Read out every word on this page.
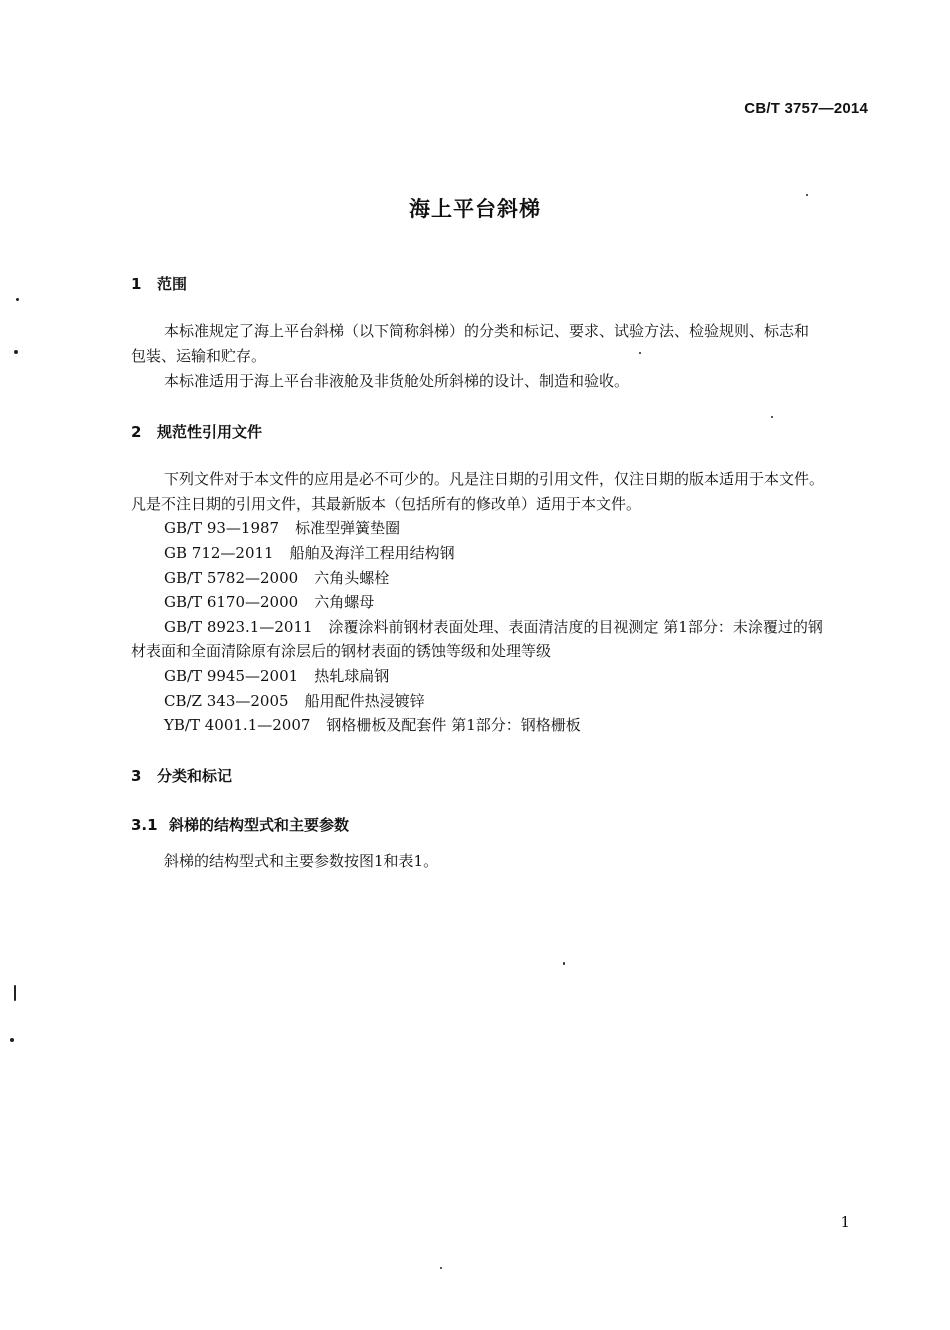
CB/T 3757—2014
海上平台斜梯
1 范围
本标准规定了海上平台斜梯（以下简称斜梯）的分类和标记、要求、试验方法、检验规则、标志和
包装、运输和贮存。
本标准适用于海上平台非液舱及非货舱处所斜梯的设计、制造和验收。
2 规范性引用文件
下列文件对于本文件的应用是必不可少的。凡是注日期的引用文件，仅注日期的版本适用于本文件。
凡是不注日期的引用文件，其最新版本（包括所有的修改单）适用于本文件。
GB/T 93—1987 标准型弹簧垫圈
GB 712—2011 船舶及海洋工程用结构钢
GB/T 5782—2000 六角头螺栓
GB/T 6170—2000 六角螺母
GB/T 8923.1—2011 涂覆涂料前钢材表面处理、表面清洁度的目视测定 第1部分：未涂覆过的钢
材表面和全面清除原有涂层后的钢材表面的锈蚀等级和处理等级
GB/T 9945—2001 热轧球扁钢
CB/Z 343—2005 船用配件热浸镀锌
YB/T 4001.1—2007 钢格栅板及配套件 第1部分：钢格栅板
3 分类和标记
3.1 斜梯的结构型式和主要参数
斜梯的结构型式和主要参数按图1和表1。
1
